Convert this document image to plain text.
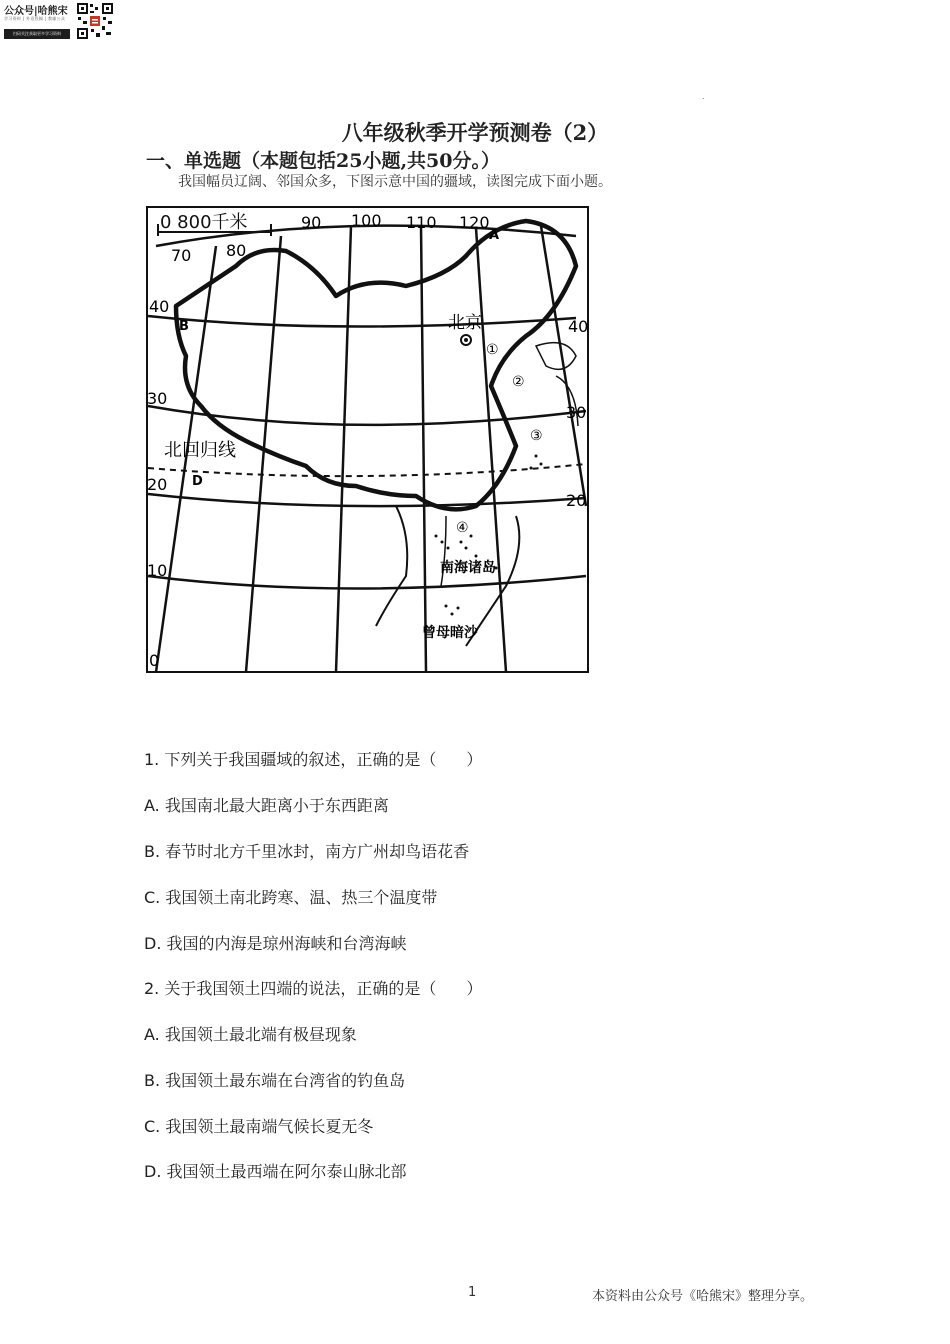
公众号|哈熊宋
学习资料 | 外语投稿 | 教辅公众
扫码关注获取更多学习资料
.
八年级秋季开学预测卷（2）
一、单选题（本题包括25小题,共50分。）
我国幅员辽阔、邻国众多，下图示意中国的疆域，读图完成下面小题。
0 800千米
70 80
90 100 110 120
40
30
20
10
0
40
30
20
北回归线
北京
A
B
D
①
②
③
④
南海诸岛
曾母暗沙
1. 下列关于我国疆域的叙述，正确的是（ ）
A. 我国南北最大距离小于东西距离
B. 春节时北方千里冰封，南方广州却鸟语花香
C. 我国领土南北跨寒、温、热三个温度带
D. 我国的内海是琼州海峡和台湾海峡
2. 关于我国领土四端的说法，正确的是（ ）
A. 我国领土最北端有极昼现象
B. 我国领土最东端在台湾省的钓鱼岛
C. 我国领土最南端气候长夏无冬
D. 我国领土最西端在阿尔泰山脉北部
1	本资料由公众号《哈熊宋》整理分享。
